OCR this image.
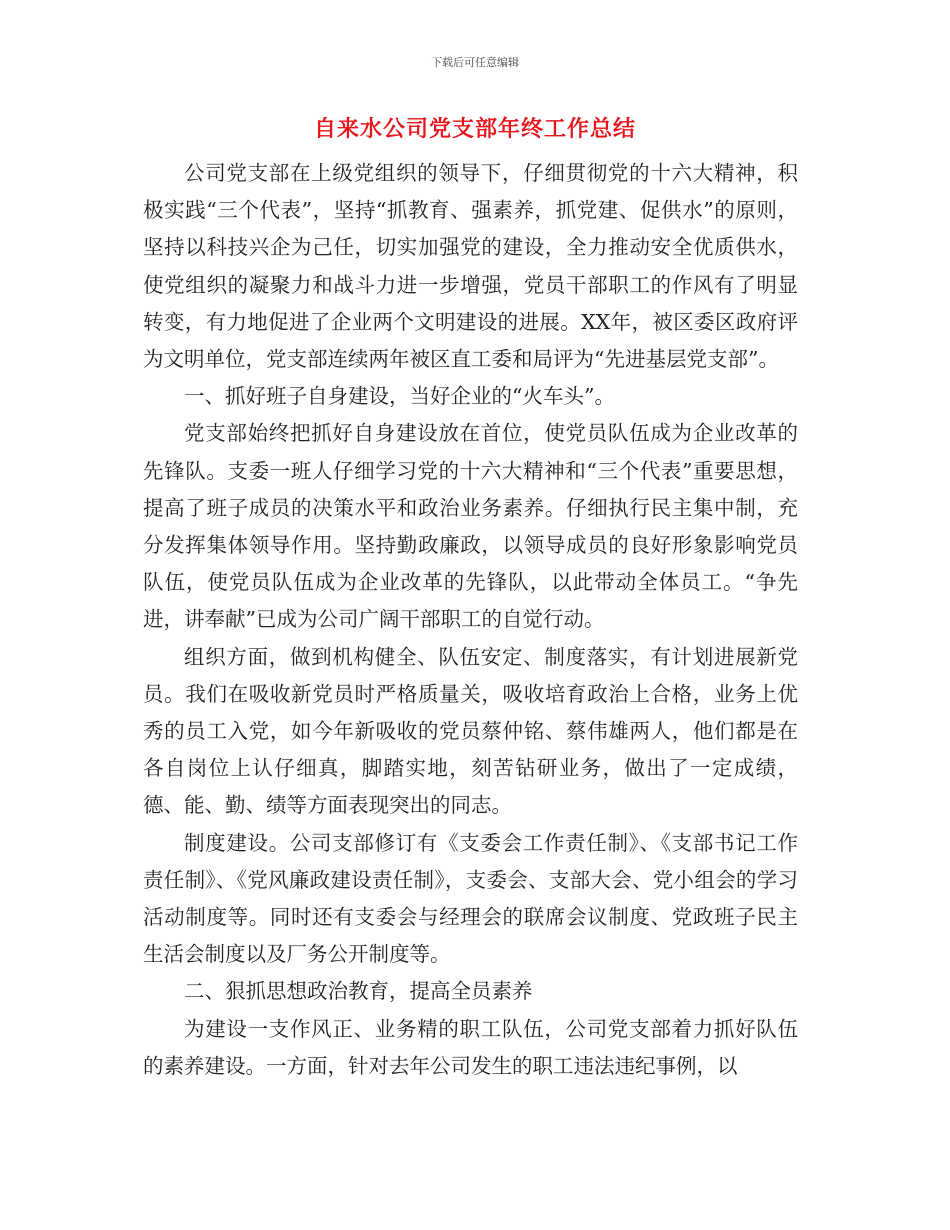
下载后可任意编辑
自来水公司党支部年终工作总结

公司党支部在上级党组织的领导下，仔细贯彻党的十六大精神，积极实践“三个代表”，坚持“抓教育、强素养，抓党建、促供水”的原则，坚持以科技兴企为己任，切实加强党的建设，全力推动安全优质供水，使党组织的凝聚力和战斗力进一步增强，党员干部职工的作风有了明显转变，有力地促进了企业两个文明建设的进展。XX年，被区委区政府评为文明单位，党支部连续两年被区直工委和局评为“先进基层党支部”。

一、抓好班子自身建设，当好企业的“火车头”。

党支部始终把抓好自身建设放在首位，使党员队伍成为企业改革的先锋队。支委一班人仔细学习党的十六大精神和“三个代表”重要思想，提高了班子成员的决策水平和政治业务素养。仔细执行民主集中制，充分发挥集体领导作用。坚持勤政廉政，以领导成员的良好形象影响党员队伍，使党员队伍成为企业改革的先锋队，以此带动全体员工。“争先进，讲奉献”已成为公司广阔干部职工的自觉行动。

组织方面，做到机构健全、队伍安定、制度落实，有计划进展新党员。我们在吸收新党员时严格质量关，吸收培育政治上合格，业务上优秀的员工入党，如今年新吸收的党员蔡仲铭、蔡伟雄两人，他们都是在各自岗位上认仔细真，脚踏实地，刻苦钻研业务，做出了一定成绩，德、能、勤、绩等方面表现突出的同志。

制度建设。公司支部修订有《支委会工作责任制》、《支部书记工作责任制》、《党风廉政建设责任制》，支委会、支部大会、党小组会的学习活动制度等。同时还有支委会与经理会的联席会议制度、党政班子民主生活会制度以及厂务公开制度等。

二、狠抓思想政治教育，提高全员素养

为建设一支作风正、业务精的职工队伍，公司党支部着力抓好队伍的素养建设。一方面，针对去年公司发生的职工违法违纪事例，以
